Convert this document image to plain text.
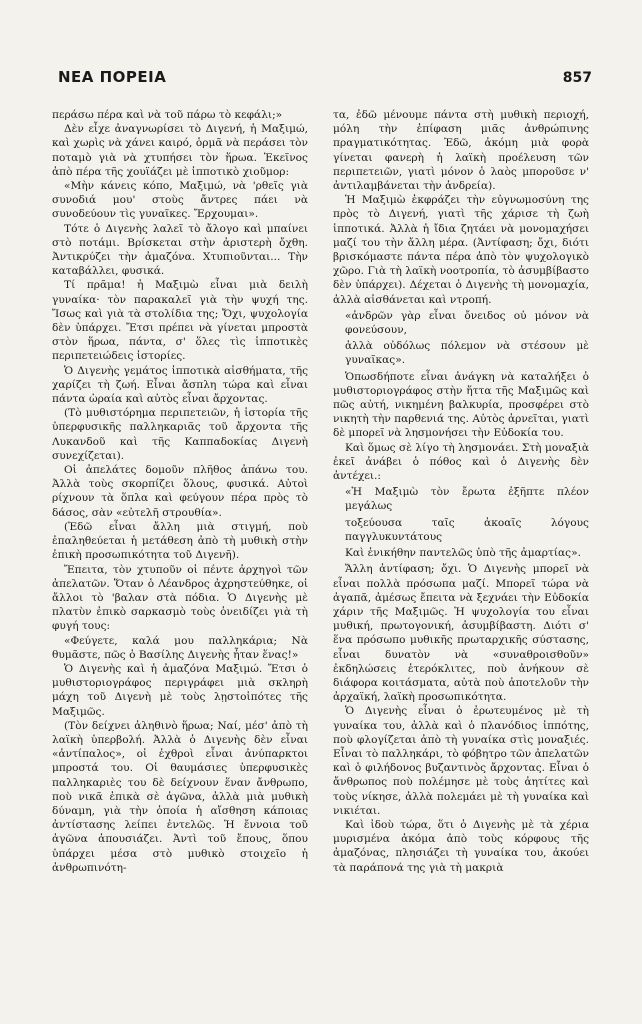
ΝΕΑ ΠΟΡΕΙΑ	857

περάσω πέρα καὶ νὰ τοῦ πάρω τὸ κεφάλι;»

Δὲν εἶχε ἀναγνωρίσει τὸ Διγενή, ἡ Μαξιμώ, καὶ χωρὶς νὰ χάνει καιρό, ὁρμᾶ νὰ περάσει τὸν ποταμὸ γιὰ νὰ χτυπήσει τὸν ἥρωα. Ἐκεῖνος ἀπὸ πέρα τῆς χουϊάζει μὲ ἱπποτικὸ χιοῦμορ:

«Μὴν κάνεις κόπο, Μαξιμώ, νὰ 'ρθεῖς γιὰ συνοδιά μου' στοὺς ἄντρες πάει νὰ συνοδεύουν τὶς γυναῖκες. Ἔρχουμαι».

Τότε ὁ Διγενὴς λαλεῖ τὸ ἄλογο καὶ μπαίνει στὸ ποτάμι. Βρίσκεται στὴν ἀριστερὴ ὄχθη. Ἀντικρύζει τὴν ἀμαζόνα. Χτυπιοῦνται... Τὴν καταβάλλει, φυσικά.

Τί πρᾶμα! ἡ Μαξιμὼ εἶναι μιὰ δειλὴ γυναίκα· τὸν παρακαλεῖ γιὰ τὴν ψυχή της. Ἴσως καὶ γιὰ τὰ στολίδια της; Ὄχι, ψυχολογία δὲν ὑπάρχει. Ἔτσι πρέπει νὰ γίνεται μπροστὰ στὸν ἥρωα, πάντα, σ' ὅλες τὶς ἱπποτικὲς περιπετειώδεις ἱστορίες.

Ὁ Διγενὴς γεμάτος ἱπποτικὰ αἰσθήματα, τῆς χαρίζει τὴ ζωή. Εἶναι ἄσπλη τώρα καὶ εἶναι πάντα ὡραία καὶ αὐτὸς εἶναι ἄρχοντας.

(Τὸ μυθιστόρημα περιπετειῶν, ἡ ἱστορία τῆς ὑπερφυσικῆς παλληκαριᾶς τοῦ ἄρχοντα τῆς Λυκανδοῦ καὶ τῆς Καππαδοκίας Διγενὴ συνεχίζεται).

Οἱ ἀπελάτες δομοῦν πλῆθος ἀπάνω του. Ἀλλὰ τοὺς σκορπίζει ὅλους, φυσικά. Αὐτοὶ ρίχνουν τὰ ὅπλα καὶ φεύγουν πέρα πρὸς τὸ δάσος, σὰν «εὐτελῆ στρουθία».

(Ἐδῶ εἶναι ἄλλη μιὰ στιγμή, ποὺ ἐπαληθεύεται ἡ μετάθεση ἀπὸ τὴ μυθικὴ στὴν ἐπικὴ προσωπικότητα τοῦ Διγενῆ).

Ἔπειτα, τὸν χτυποῦν οἱ πέντε ἀρχηγοὶ τῶν ἀπελατῶν. Ὅταν ὁ Λέανδρος ἀχρηστεύθηκε, οἱ ἄλλοι τὸ 'βαλαν στὰ πόδια. Ὁ Διγενὴς μὲ πλατὺν ἐπικὸ σαρκασμὸ τοὺς ὀνειδίζει γιὰ τὴ φυγή τους:

«Φεύγετε, καλά μου παλληκάρια; Νὰ θυμᾶστε, πῶς ὁ Βασίλης Διγενὴς ἦταν ἕνας!»

Ὁ Διγενὴς καὶ ἡ ἀμαζόνα Μαξιμώ. Ἔτσι ὁ μυθιστοριογράφος περιγράφει μιὰ σκληρὴ μάχη τοῦ Διγενὴ μὲ τοὺς λῃστοἱπότες τῆς Μαξιμῶς.

(Τὸν δείχνει ἀληθινὸ ἥρωα; Ναί, μέσ' ἀπὸ τὴ λαϊκὴ ὑπερβολή. Ἀλλὰ ὁ Διγενὴς δὲν εἶναι «ἀντίπαλος», οἱ ἐχθροὶ εἶναι ἀνύπαρκτοι μπροστά του. Οἱ θαυμάσιες ὑπερφυσικὲς παλληκαριὲς του δὲ δείχνουν ἕναν ἄνθρωπο, ποὺ νικᾶ ἐπικὰ σὲ ἀγῶνα, ἀλλὰ μιὰ μυθικὴ δύναμη, γιὰ τὴν ὁποία ἡ αἴσθηση κάποιας ἀντίστασης λείπει ἐντελῶς. Ἡ ἔννοια τοῦ ἀγῶνα ἀπουσιάζει. Ἀντὶ τοῦ ἔπους, ὅπου ὑπάρχει μέσα στὸ μυθικὸ στοιχεῖο ἡ ἀνθρωπινότη-

τα, ἐδῶ μένουμε πάντα στὴ μυθικὴ περιοχή, μόλη τὴν ἐπίφαση μιᾶς ἀνθρώπινης πραγματικότητας. Ἐδῶ, ἀκόμη μιὰ φορὰ γίνεται φανερὴ ἡ λαϊκὴ προέλευση τῶν περιπετειῶν, γιατὶ μόνον ὁ λαὸς μποροῦσε ν' ἀντιλαμβάνεται τὴν ἀνδρεία).

Ἡ Μαξιμὼ ἐκφράζει τὴν εὐγνωμοσύνη της πρὸς τὸ Διγενή, γιατὶ τῆς χάρισε τὴ ζωὴ ἱπποτικά. Ἀλλὰ ἡ ἴδια ζητάει νὰ μονομαχήσει μαζί του τὴν ἄλλη μέρα. (Ἀντίφαση; ὄχι, διότι βρισκόμαστε πάντα πέρα ἀπὸ τὸν ψυχολογικὸ χῶρο. Γιὰ τὴ λαϊκὴ νοοτροπία, τὸ ἀσυμβίβαστο δὲν ὑπάρχει). Δέχεται ὁ Διγενὴς τὴ μονομαχία, ἀλλὰ αἰσθάνεται καὶ ντροπή.

«ἀνδρῶν γὰρ εἶναι ὄνειδος οὐ μόνον νὰ φονεύσουν,

ἀλλὰ οὐδόλως πόλεμον νὰ στέσουν μὲ γυναῖκας».

Ὁπωσδήποτε εἶναι ἀνάγκη νὰ καταλήξει ὁ μυθιστοριογράφος στὴν ἥττα τῆς Μαξιμῶς καὶ πῶς αὐτή, νικημένη βαλκυρία, προσφέρει στὸ νικητὴ τὴν παρθενιά της. Αὐτὸς ἀρνεῖται, γιατὶ δὲ μπορεῖ νὰ λησμονήσει τὴν Εὐδοκία του.

Καὶ ὅμως σὲ λίγο τὴ λησμονάει. Στὴ μοναξιὰ ἐκεῖ ἀνάβει ὁ πόθος καὶ ὁ Διγενὴς δὲν ἀντέχει.:

«Ἡ Μαξιμὼ τὸν ἔρωτα ἐξῆπτε πλέον μεγάλως

τοξεύουσα ταῖς ἀκοαῖς λόγους παγγλυκυντάτους

Καὶ ἐνικήθην παντελῶς ὑπὸ τῆς ἀμαρτίας».

Ἄλλη ἀντίφαση; ὄχι. Ὁ Διγενὴς μπορεῖ νὰ εἶναι πολλὰ πρόσωπα μαζί. Μπορεῖ τώρα νὰ ἀγαπᾶ, ἀμέσως ἔπειτα νὰ ξεχνάει τὴν Εὐδοκία χάριν τῆς Μαξιμῶς. Ἡ ψυχολογία του εἶναι μυθική, πρωτογονική, ἀσυμβίβαστη. Διότι σ' ἕνα πρόσωπο μυθικῆς πρωταρχικῆς σύστασης, εἶναι δυνατὸν νὰ «συναθροισθοῦν» ἐκδηλώσεις ἑτερόκλιτες, ποὺ ἀνήκουν σὲ διάφορα κοιτάσματα, αὐτὰ ποὺ ἀποτελοῦν τὴν ἀρχαϊκή, λαϊκὴ προσωπικότητα.

Ὁ Διγενὴς εἶναι ὁ ἐρωτευμένος μὲ τὴ γυναίκα του, ἀλλὰ καὶ ὁ πλανόδιος ἱππότης, ποὺ φλογίζεται ἀπὸ τὴ γυναίκα στὶς μοναξιές. Εἶναι τὸ παλληκάρι, τὸ φόβητρο τῶν ἀπελατῶν καὶ ὁ φιλήδονος βυζαντινὸς ἄρχοντας. Εἶναι ὁ ἄνθρωπος ποὺ πολέμησε μὲ τοὺς ἀητίτες καὶ τοὺς νίκησε, ἀλλὰ πολεμάει μὲ τὴ γυναίκα καὶ νικιέται.

Καὶ ἰδοὺ τώρα, ὅτι ὁ Διγενὴς μὲ τὰ χέρια μυρισμένα ἀκόμα ἀπὸ τοὺς κόρφους τῆς ἀμαζόνας, πλησιάζει τὴ γυναίκα του, ἀκούει τὰ παράπονά της γιὰ τὴ μακριὰ
